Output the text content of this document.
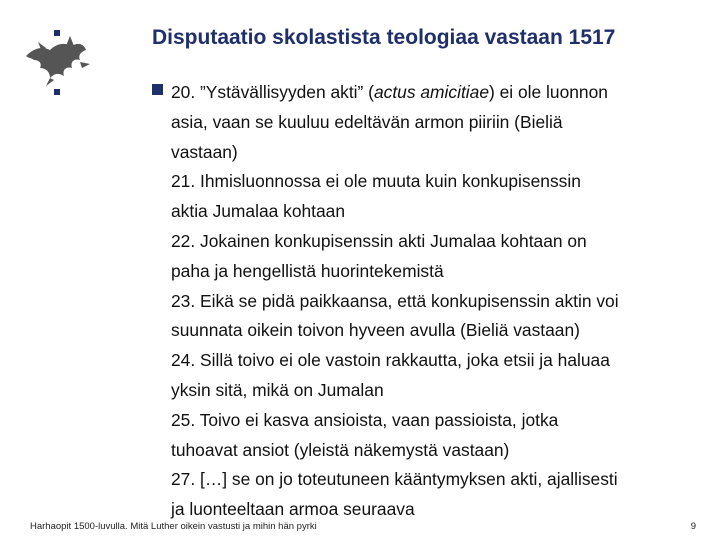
Disputaatio skolastista teologiaa vastaan 1517
20. ”Ystävällisyyden akti” (actus amicitiae) ei ole luonnon
asia, vaan se kuuluu edeltävän armon piiriin (Bieliä
vastaan)
21. Ihmisluonnossa ei ole muuta kuin konkupisenssin
aktia Jumalaa kohtaan
22. Jokainen konkupisenssin akti Jumalaa kohtaan on
paha ja hengellistä huorintekemistä
23. Eikä se pidä paikkaansa, että konkupisenssin aktin voi
suunnata oikein toivon hyveen avulla (Bieliä vastaan)
24. Sillä toivo ei ole vastoin rakkautta, joka etsii ja haluaa
yksin sitä, mikä on Jumalan
25. Toivo ei kasva ansioista, vaan passioista, jotka
tuhoavat ansiot (yleistä näkemystä vastaan)
27. […] se on jo toteutuneen kääntymyksen akti, ajallisesti
ja luonteeltaan armoa seuraava
Harhaopit 1500-luvulla. Mitä Luther oikein vastusti ja mihin hän pyrki	9
